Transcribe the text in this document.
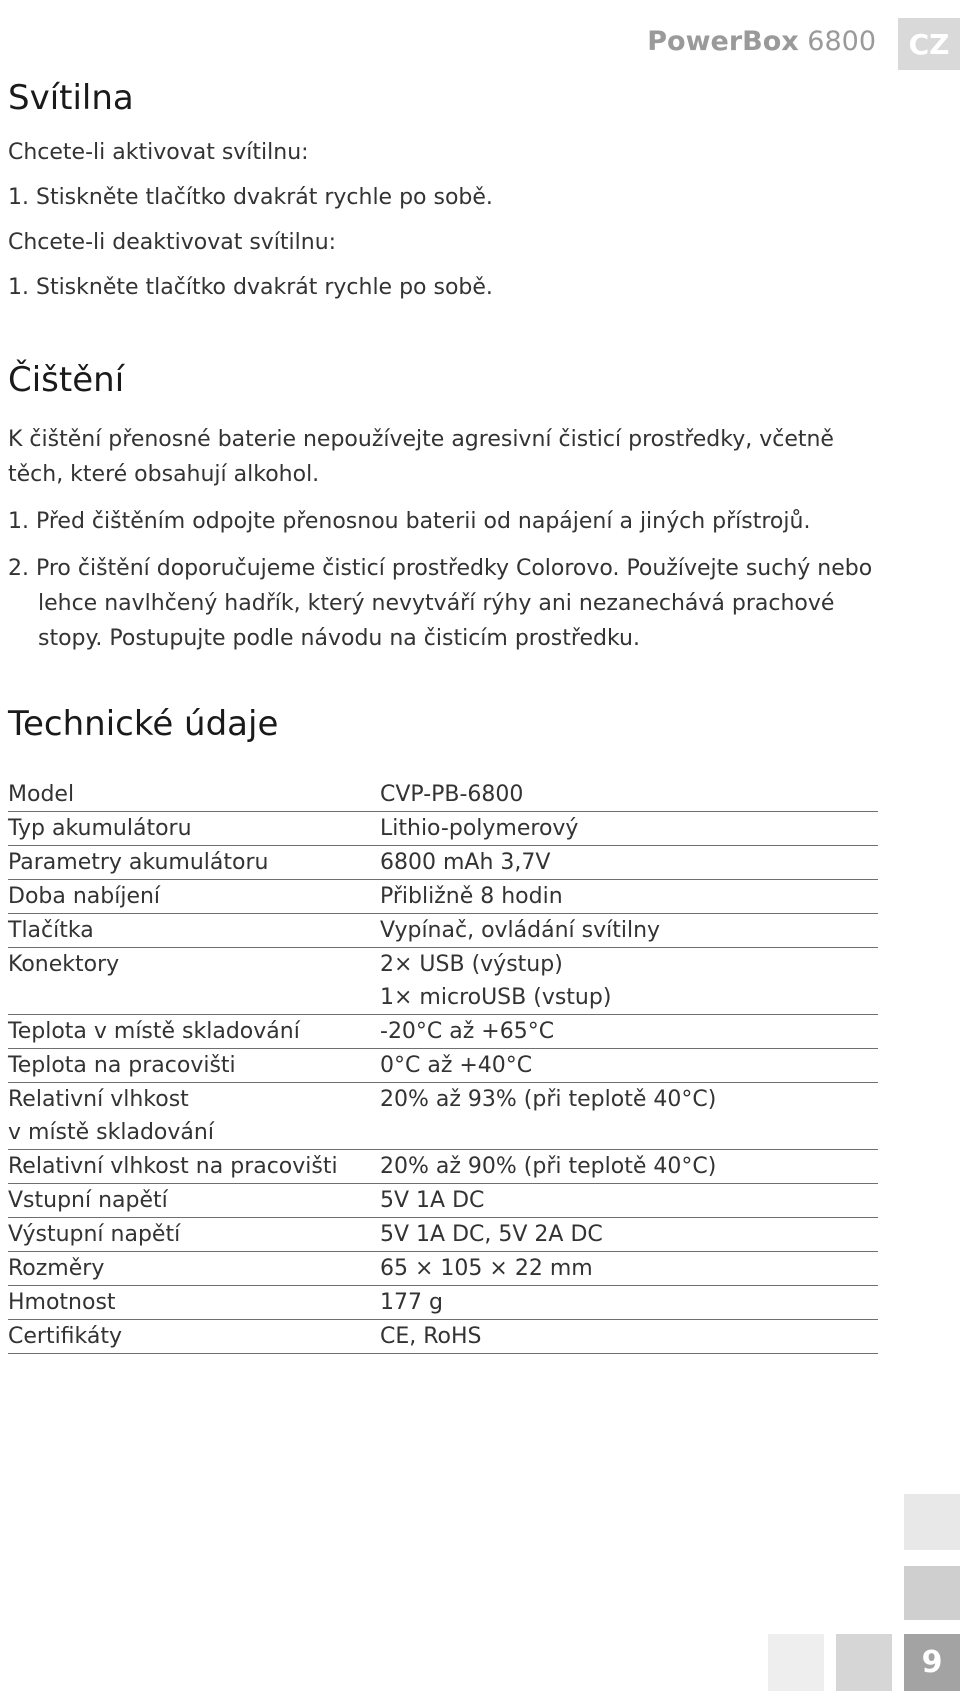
PowerBox 6800	CZ
Svítilna

Chcete-li aktivovat svítilnu:

1. Stiskněte tlačítko dvakrát rychle po sobě.

Chcete-li deaktivovat svítilnu:

1. Stiskněte tlačítko dvakrát rychle po sobě.

Čištění

K čištění přenosné baterie nepoužívejte agresivní čisticí prostředky, včetně těch, které obsahují alkohol.

1. Před čištěním odpojte přenosnou baterii od napájení a jiných přístrojů.

2. Pro čištění doporučujeme čisticí prostředky Colorovo. Používejte suchý nebo lehce navlhčený hadřík, který nevytváří rýhy ani nezanechává prachové stopy. Postupujte podle návodu na čisticím prostředku.

Technické údaje
Model	CVP-PB-6800

Typ akumulátoru	Lithio-polymerový

Parametry akumulátoru	6800 mAh 3,7V

Doba nabíjení	Přibližně 8 hodin

Tlačítka	Vypínač, ovládání svítilny

Konektory	2× USB (výstup)
1× microUSB (vstup)

Teplota v místě skladování	-20°C až +65°C

Teplota na pracovišti	0°C až +40°C

Relativní vlhkost
v místě skladování	20% až 93% (při teplotě 40°C)

Relativní vlhkost na pracovišti	20% až 90% (při teplotě 40°C)

Vstupní napětí	5V 1A DC

Výstupní napětí	5V 1A DC, 5V 2A DC

Rozměry	65 × 105 × 22 mm

Hmotnost	177 g

Certifikáty	CE, RoHS
9
